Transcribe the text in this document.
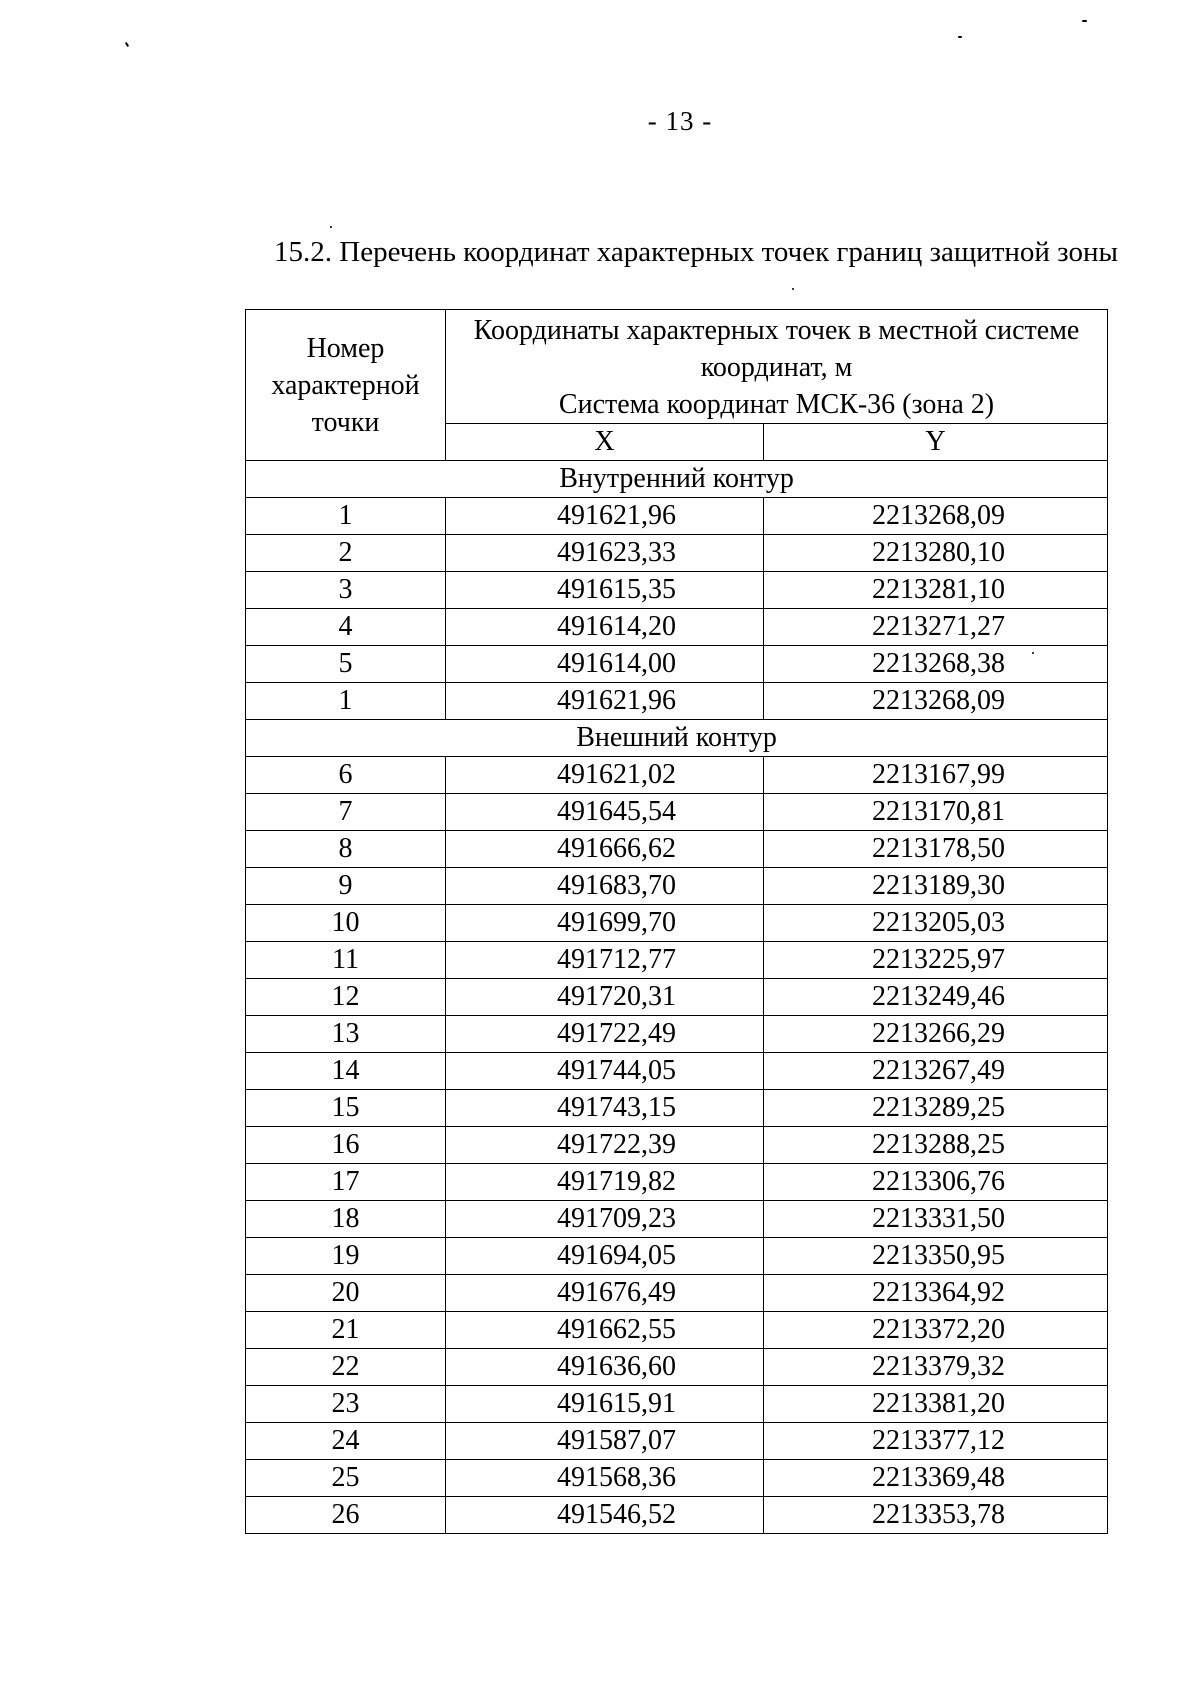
- 13 -
15.2. Перечень координат характерных точек границ защитной зоны
Номер характерной точки	Координаты характерных точек в местной системе
координат, м
Система координат МСК-36 (зона 2)	

	X	Y
Внутренний контур		
1	491621,96	2213268,09
2	491623,33	2213280,10
3	491615,35	2213281,10
4	491614,20	2213271,27
5	491614,00	2213268,38
1	491621,96	2213268,09
Внешний контур		
6	491621,02	2213167,99
7	491645,54	2213170,81
8	491666,62	2213178,50
9	491683,70	2213189,30
10	491699,70	2213205,03
11	491712,77	2213225,97
12	491720,31	2213249,46
13	491722,49	2213266,29
14	491744,05	2213267,49
15	491743,15	2213289,25
16	491722,39	2213288,25
17	491719,82	2213306,76
18	491709,23	2213331,50
19	491694,05	2213350,95
20	491676,49	2213364,92
21	491662,55	2213372,20
22	491636,60	2213379,32
23	491615,91	2213381,20
24	491587,07	2213377,12
25	491568,36	2213369,48
26	491546,52	2213353,78
